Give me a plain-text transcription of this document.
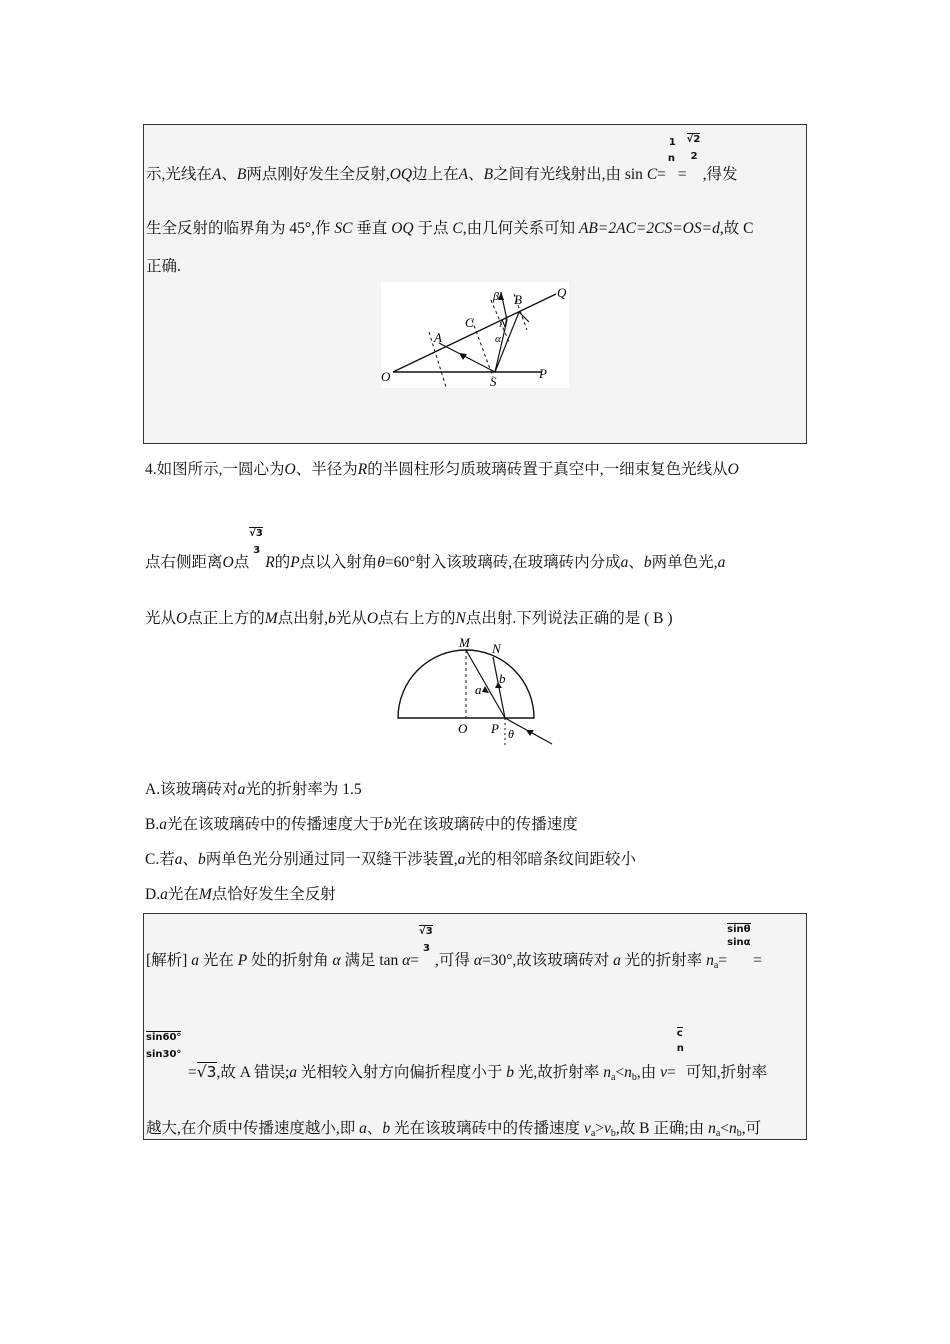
示,光线在A、B两点刚好发生全反射,OQ边上在A、B之间有光线射出,由 sin C=
1
n
=
√2
2
,得发
生全反射的临界角为 45°,作 SC 垂直 OQ 于点 C,由几何关系可知 AB=2AC=2CS=OS=d,故 C
正确.
O
A
C
β B	Q
N
α
S
P
4.如图所示,一圆心为O、半径为R的半圆柱形匀质玻璃砖置于真空中,一细束复色光线从O
点右侧距离O点
√3
3
R的P点以入射角θ=60°射入该玻璃砖,在玻璃砖内分成a、b两单色光,a
光从O点正上方的M点出射,b光从O点右上方的N点出射.下列说法正确的是 ( B )
M N
a
b
O P θ
A.该玻璃砖对a光的折射率为 1.5
B.a光在该玻璃砖中的传播速度大于b光在该玻璃砖中的传播速度
C.若a、b两单色光分别通过同一双缝干涉装置,a光的相邻暗条纹间距较小
D.a光在M点恰好发生全反射
[解析] a 光在 P 处的折射角 α 满足 tan α=
√3
3
,可得 α=30°,故该玻璃砖对 a 光的折射率 $n_a=$
sinθ
sinα
=
sin60°
sin30°
=√3,故 A 错误;a 光相较入射方向偏折程度小于 b 光,故折射率 $n_a<n_b$,由 v=
c
n
可知,折射率
越大,在介质中传播速度越小,即 a、b 光在该玻璃砖中的传播速度 $v_a>v_b$,故 B 正确;由 $n_a<n_b$,可
